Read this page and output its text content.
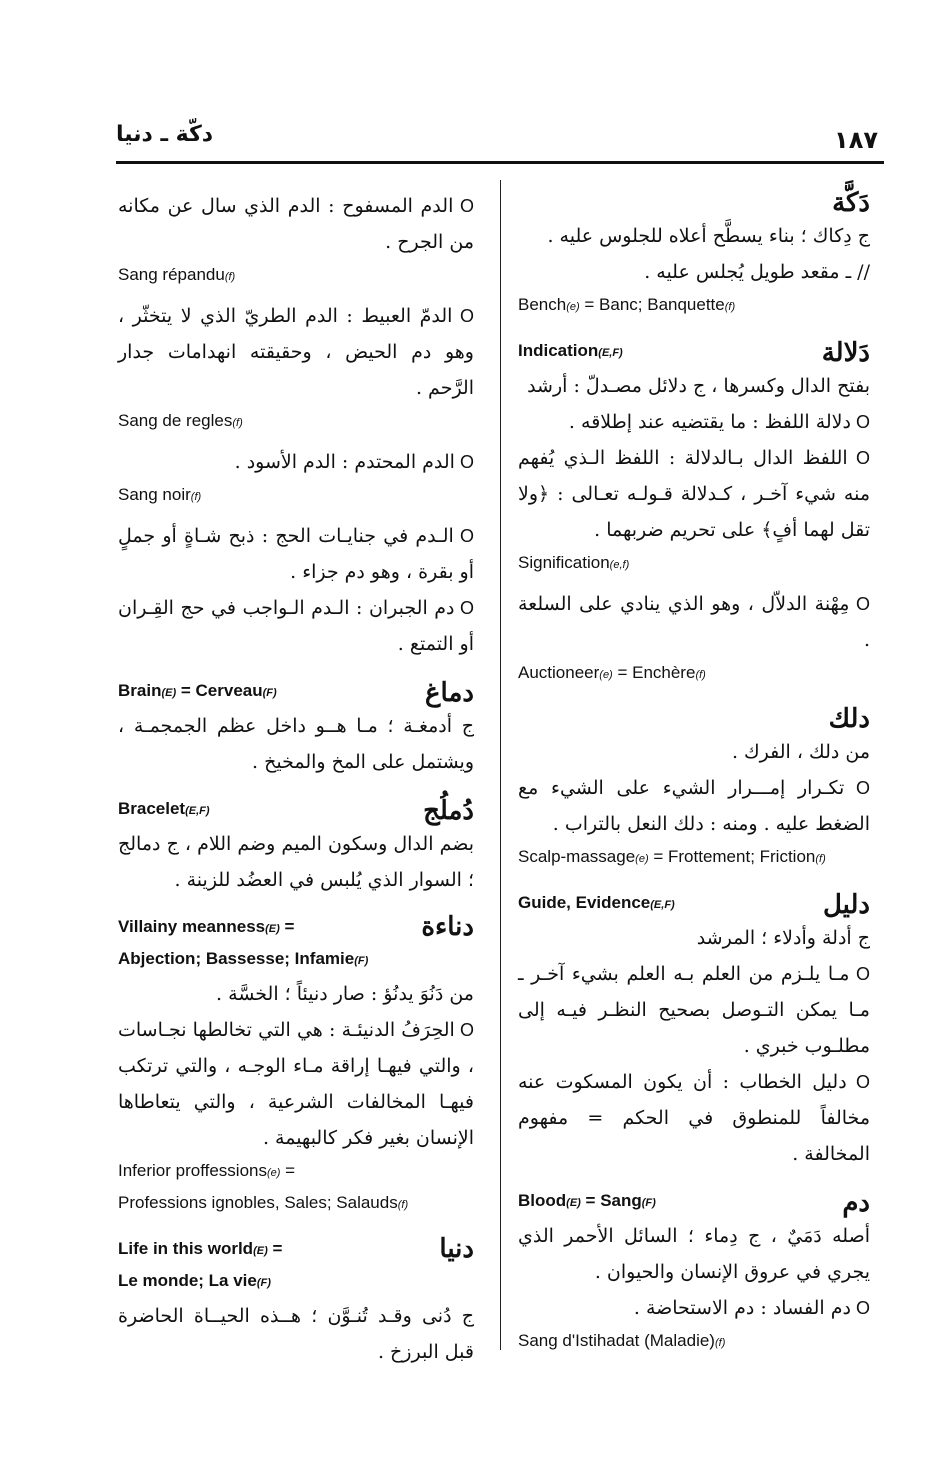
١٨٧
دكّة ـ دنيا
دَكَّة
ج دِكاك ؛ بناء يسطَّح أعلاه للجلوس عليه .
// ـ مقعد طويل يُجلس عليه .
Bench(e) = Banc; Banquette(f)
Indication(E,F)	دَلالة
بفتح الدال وكسرها ، ج دلائل مصـدلّ : أرشد
O دلالة اللفظ : ما يقتضيه عند إطلاقه .
O اللفظ الدال بـالدلالة : اللفظ الـذي يُفهم منه شيء آخـر ، كـدلالة قـولـه تعـالى : ﴿ولا تقل لهما أفٍ﴾ على تحريم ضربهما .
Signification(e,f)
O مِهْنة الدلاّل ، وهو الذي ينادي على السلعة .
Auctioneer(e) = Enchère(f)
دلك
من دلك ، الفرك .
O تكـرار إمـــرار الشيء على الشيء مع الضغط عليه . ومنه : دلك النعل بالتراب .
Scalp-massage(e) = Frottement; Friction(f)
Guide, Evidence(E,F)	دليل
ج أدلة وأدلاء ؛ المرشد
O مـا يلـزم من العلم بـه العلم بشيء آخـر ـ مـا يمكن التـوصل بصحيح النظـر فيـه إلى مطلـوب خبري .
O دليل الخطاب : أن يكون المسكوت عنه مخالفاً للمنطوق في الحكم = مفهوم المخالفة .
Blood(E) = Sang(F)	دم
أصله دَمَيٌ ، ج دِماء ؛ السائل الأحمر الذي يجري في عروق الإنسان والحيوان .
O دم الفساد : دم الاستحاضة .
Sang d'Istihadat (Maladie)(f)
O الدم المسفوح : الدم الذي سال عن مكانه من الجرح .
Sang répandu(f)
O الدمّ العبيط : الدم الطريّ الذي لا يتخثّر ، وهو دم الحيض ، وحقيقته انهدامات جدار الرَّحم .
Sang de regles(f)
O الدم المحتدم : الدم الأسود .
Sang noir(f)
O الـدم في جنايـات الحج : ذبح شـاةٍ أو جملٍ أو بقرة ، وهو دم جزاء .
O دم الجبران : الـدم الـواجب في حج القِـران أو التمتع .
Brain(E) = Cerveau(F)	دماغ
ج أدمغـة ؛ مـا هــو داخل عظم الجمجمـة ، ويشتمل على المخ والمخيخ .
Bracelet(E,F)	دُملُج
بضم الدال وسكون الميم وضم اللام ، ج دمالج ؛ السوار الذي يُلبس في العضُد للزينة .
Villainy meanness(E) =
Abjection; Bassesse; Infamie(F)
دناءة
من دَنُوَ يدنُؤ : صار دنيئاً ؛ الخسَّة .
O الحِرَفُ الدنيئـة : هي التي تخالطها نجـاسات ، والتي فيهـا إراقة مـاء الوجـه ، والتي ترتكب فيهـا المخالفات الشرعية ، والتي يتعاطاها الإنسان بغير فكر كالبهيمة .
Inferior proffessions(e) =
Professions ignobles, Sales; Salauds(f)
Life in this world(E) =
Le monde; La vie(F)
دنيا
ج دُنى وقـد تُنـوَّن ؛ هــذه الحيــاة الحاضرة قبل البرزخ .
